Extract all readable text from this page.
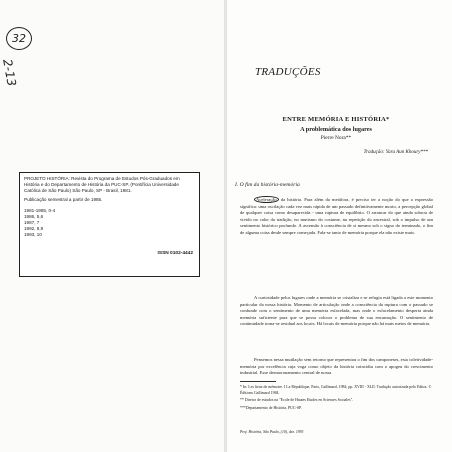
32
2-13

PROJETO HISTÓRIA: Revista do Programa de Estudos Pós-Graduados em História e do Departamento de História da PUC-SP. (Pontifícia Universidade Católica de São Paulo) São Paulo, SP - Brasil, 1981.

Publicação semestral a partir de 1985.

1981-1985, 0-4
1986, 5,6
1987, 7
1992, 8,9
1993, 10
ISSN 0102-4442
TRADUÇÕES
ENTRE MEMÓRIA E HISTÓRIA*
A problemática dos lugares
Pierre Nora**
Tradução: Yara Aun Khoury***
I. O fim da história-memória

Aceleração da história. Para além da metáfora, é preciso ter a noção do que a expressão significa: uma oscilação cada vez mais rápida de um passado definitivamente morto, a percepção global de qualquer coisa como desaparecida - uma ruptura de equilíbrio. O arrancar do que ainda sobrou de vivido no calor da tradição, no mutismo do costume, na repetição do ancestral, sob o impulso de um sentimento histórico profundo. A ascensão à consciência de si mesmo sob o signo do terminado, o fim de alguma coisa desde sempre começada. Fala-se tanto de memória porque ela não existe mais.

A curiosidade pelos lugares onde a memória se cristaliza e se refugia está ligada a este momento particular da nossa história. Momento de articulação onde a consciência da ruptura com o passado se confunde com o sentimento de uma memória esfacelada, mas onde o esfacelamento desperta ainda memória suficiente para que se possa colocar o problema de sua encarnação. O sentimento de continuidade torna-se residual aos locais. Há locais de memória porque não há mais meios de memória.

Pensemos nessa mutilação sem retorno que representou o fim dos camponeses, esta coletividade-memória por excelência cuja voga como objeto da história coincidiu com o apogeu do crescimento industrial. Esse desmoronamento central de nossa

* In: Les lieux de mémoire. I La République, Paris, Gallimard, 1984, pp. XVIII - XLII. Tradução autorizada pelo Editor. © Éditions Gallimard 1984.
** Diretor de estudos na "Ecole de Hautes Etudes en Sciences Sociales".
***Departamento de História, PUC-SP.
Proj. História, São Paulo, (10), dez. 1993
